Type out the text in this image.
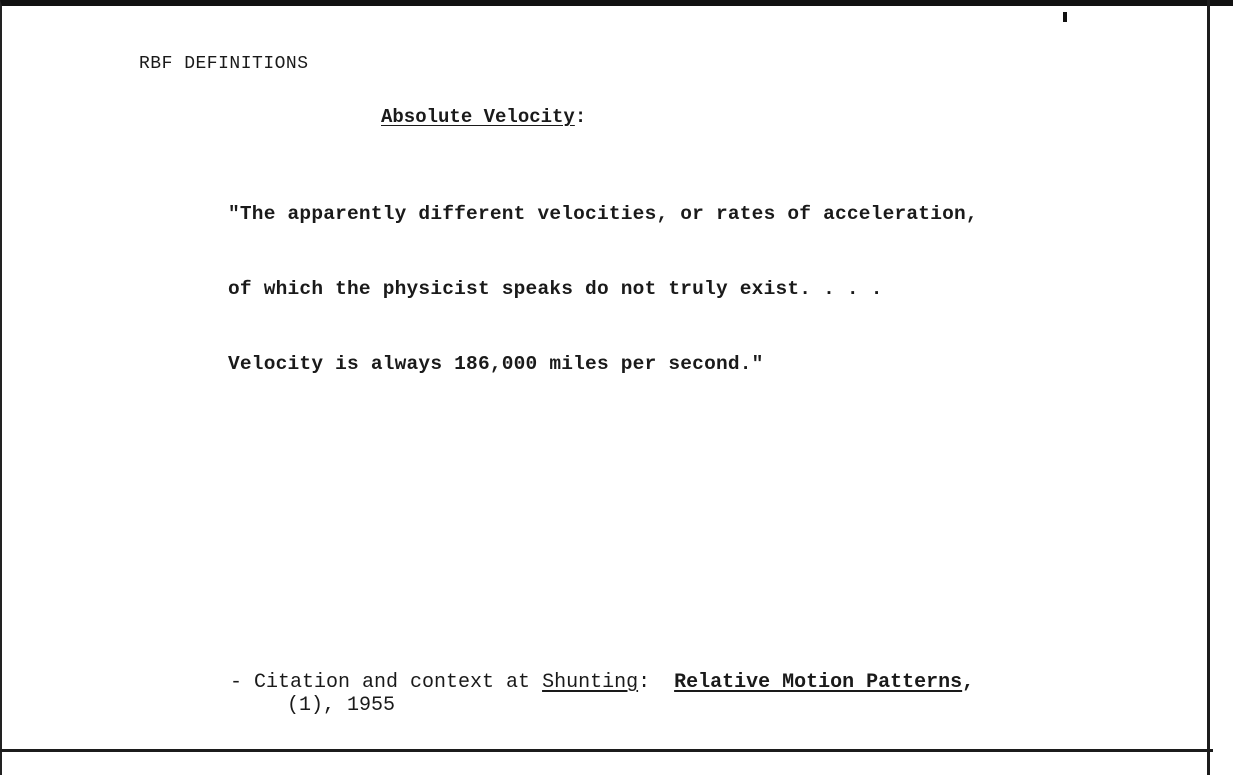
RBF DEFINITIONS
Absolute Velocity:

"The apparently different velocities, or rates of acceleration,

of which the physicist speaks do not truly exist. . . .

Velocity is always 186,000 miles per second."

- Citation and context at Shunting:  Relative Motion Patterns,
(1), 1955
